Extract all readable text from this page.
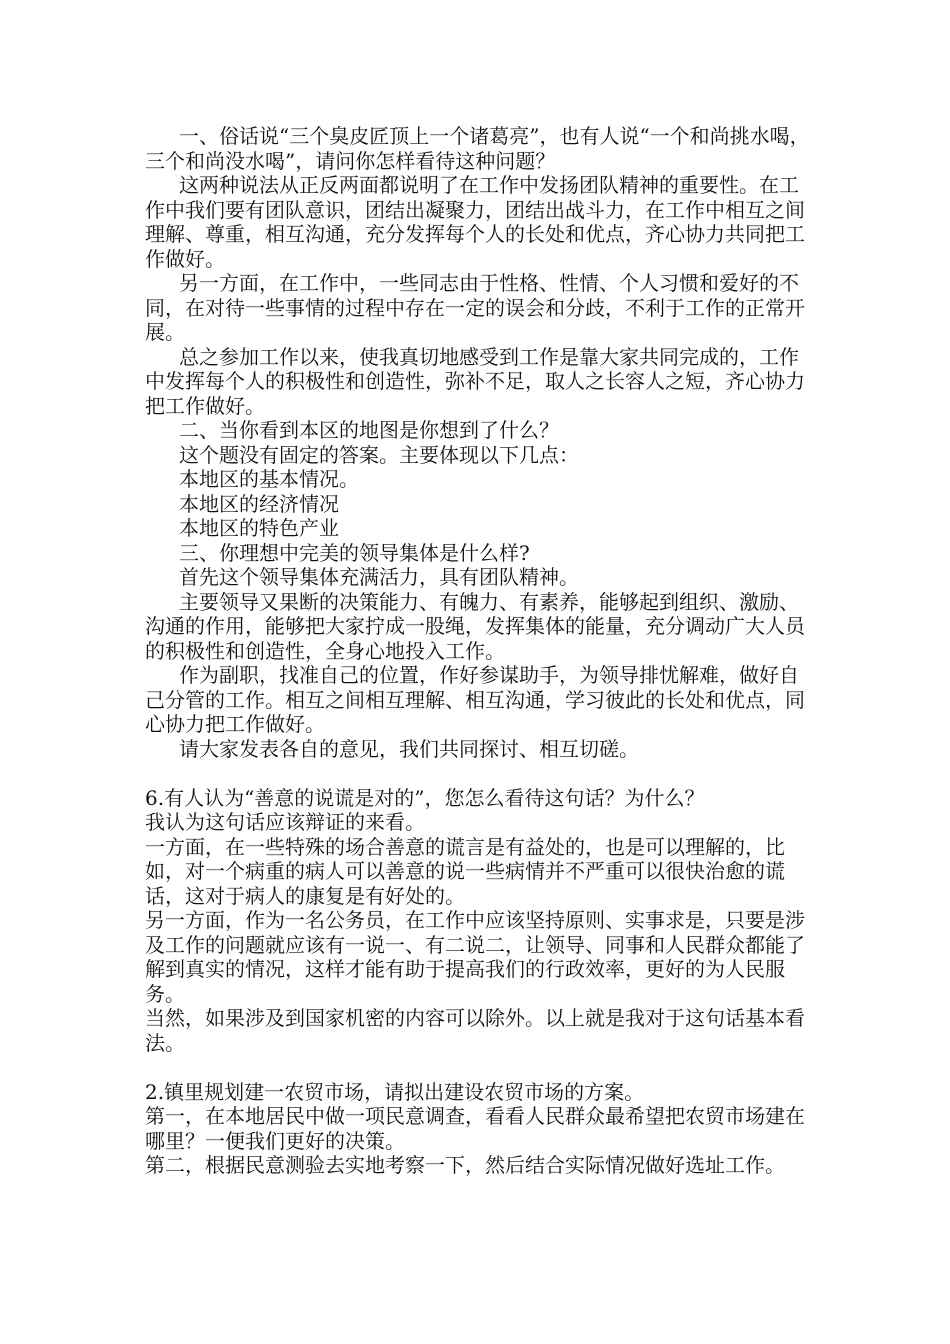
一、俗话说“三个臭皮匠顶上一个诸葛亮”，也有人说“一个和尚挑水喝，三个和尚没水喝”，请问你怎样看待这种问题？

这两种说法从正反两面都说明了在工作中发扬团队精神的重要性。在工作中我们要有团队意识，团结出凝聚力，团结出战斗力，在工作中相互之间理解、尊重，相互沟通，充分发挥每个人的长处和优点，齐心协力共同把工作做好。

另一方面，在工作中，一些同志由于性格、性情、个人习惯和爱好的不同，在对待一些事情的过程中存在一定的误会和分歧，不利于工作的正常开展。

总之参加工作以来，使我真切地感受到工作是靠大家共同完成的，工作中发挥每个人的积极性和创造性，弥补不足，取人之长容人之短，齐心协力把工作做好。

二、当你看到本区的地图是你想到了什么？

这个题没有固定的答案。主要体现以下几点：

本地区的基本情况。

本地区的经济情况

本地区的特色产业

三、你理想中完美的领导集体是什么样?

首先这个领导集体充满活力，具有团队精神。

主要领导又果断的决策能力、有魄力、有素养，能够起到组织、激励、沟通的作用，能够把大家拧成一股绳，发挥集体的能量，充分调动广大人员的积极性和创造性，全身心地投入工作。

作为副职，找准自己的位置，作好参谋助手，为领导排忧解难，做好自己分管的工作。相互之间相互理解、相互沟通，学习彼此的长处和优点，同心协力把工作做好。

请大家发表各自的意见，我们共同探讨、相互切磋。

6.有人认为“善意的说谎是对的”，您怎么看待这句话？为什么？

我认为这句话应该辩证的来看。

一方面，在一些特殊的场合善意的谎言是有益处的，也是可以理解的，比如，对一个病重的病人可以善意的说一些病情并不严重可以很快治愈的谎话，这对于病人的康复是有好处的。

另一方面，作为一名公务员，在工作中应该坚持原则、实事求是，只要是涉及工作的问题就应该有一说一、有二说二，让领导、同事和人民群众都能了解到真实的情况，这样才能有助于提高我们的行政效率，更好的为人民服务。

当然，如果涉及到国家机密的内容可以除外。以上就是我对于这句话基本看法。

2.镇里规划建一农贸市场，请拟出建设农贸市场的方案。

第一，在本地居民中做一项民意调查，看看人民群众最希望把农贸市场建在哪里？一便我们更好的决策。

第二，根据民意测验去实地考察一下，然后结合实际情况做好选址工作。
